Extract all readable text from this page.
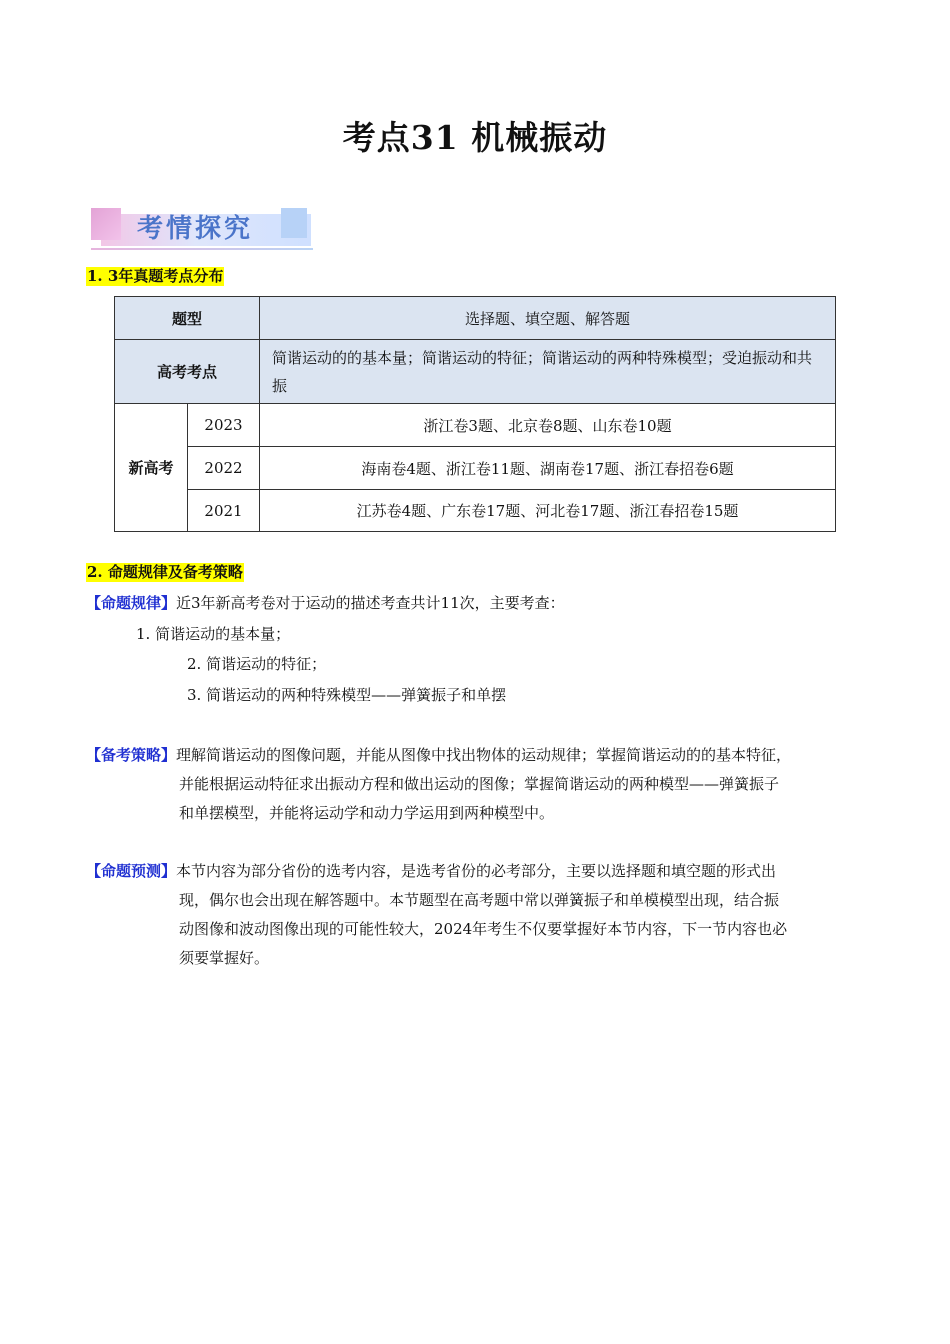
考点31 机械振动
考情探究
1. 3年真题考点分布
题型		选择题、填空题、解答题
高考考点		简谐运动的的基本量；简谐运动的特征；简谐运动的两种特殊模型；受迫振动和共振
新高考	2023	浙江卷3题、北京卷8题、山东卷10题
	2022	海南卷4题、浙江卷11题、湖南卷17题、浙江春招卷6题
	2021	江苏卷4题、广东卷17题、河北卷17题、浙江春招卷15题
2. 命题规律及备考策略
【命题规律】近3年新高考卷对于运动的描述考查共计11次，主要考查：
1. 简谐运动的基本量；
2. 简谐运动的特征；
3. 简谐运动的两种特殊模型——弹簧振子和单摆
【备考策略】理解简谐运动的图像问题，并能从图像中找出物体的运动规律；掌握简谐运动的的基本特征，
并能根据运动特征求出振动方程和做出运动的图像；掌握简谐运动的两种模型——弹簧振子
和单摆模型，并能将运动学和动力学运用到两种模型中。
【命题预测】本节内容为部分省份的选考内容，是选考省份的必考部分，主要以选择题和填空题的形式出
现，偶尔也会出现在解答题中。本节题型在高考题中常以弹簧振子和单模模型出现，结合振
动图像和波动图像出现的可能性较大，2024年考生不仅要掌握好本节内容，下一节内容也必
须要掌握好。
